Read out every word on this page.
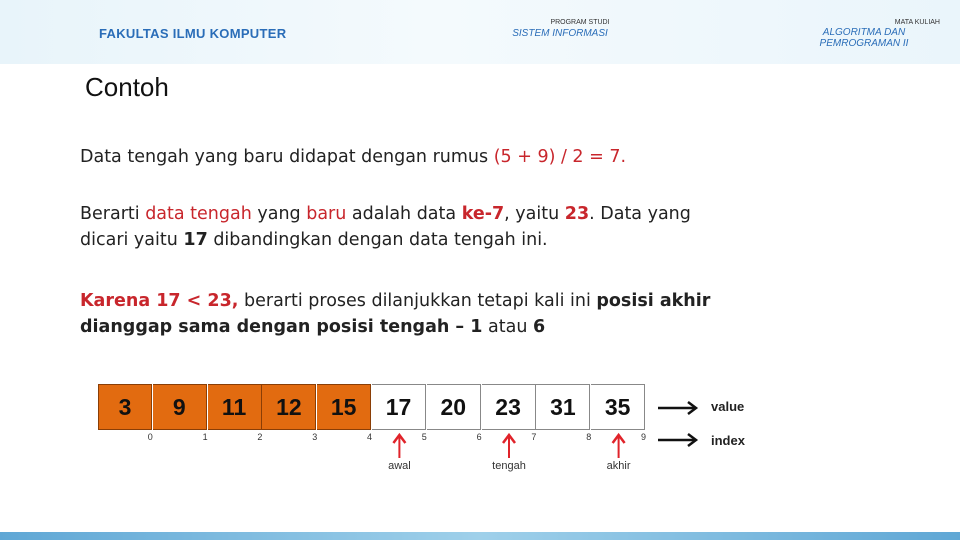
FAKULTAS ILMU KOMPUTER
PROGRAM STUDI
SISTEM INFORMASI
MATA KULIAH
ALGORITMA DAN
PEMROGRAMAN II
Contoh
Data tengah yang baru didapat dengan rumus (5 + 9) / 2 = 7.
Berarti data tengah yang baru adalah data ke-7, yaitu 23. Data yang
dicari yaitu 17 dibandingkan dengan data tengah ini.
Karena 17 < 23, berarti proses dilanjukkan tetapi kali ini posisi akhir
dianggap sama dengan posisi tengah – 1 atau 6
value
index
3	9	11	12	15	17	20	23	31	35
0	1	2	3	4	5	6	7	8	9
awal	tengah	akhir
